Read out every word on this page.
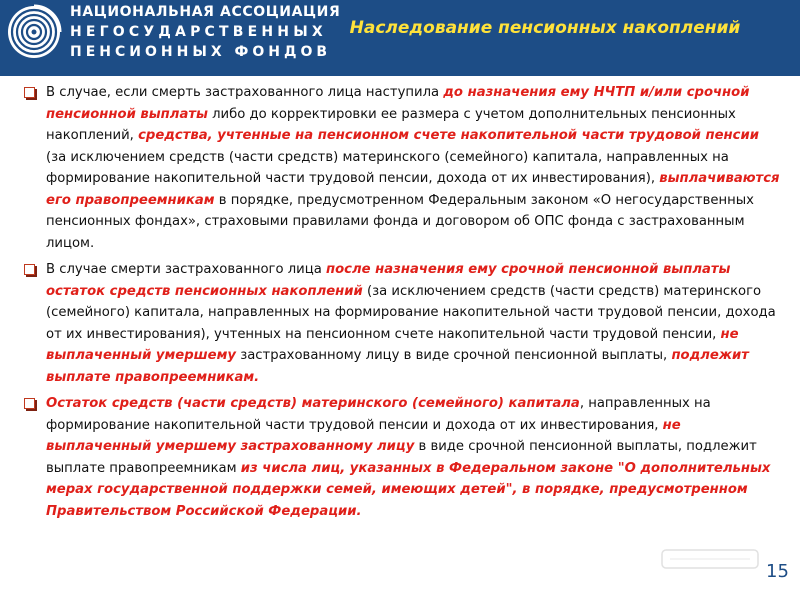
НАЦИОНАЛЬНАЯ АССОЦИАЦИЯ
НЕГОСУДАРСТВЕННЫХ
ПЕНСИОННЫХ ФОНДОВ
Наследование пенсионных накоплений
В случае, если смерть застрахованного лица наступила до назначения ему НЧТП и/или срочной пенсионной выплаты либо до корректировки ее размера с учетом дополнительных пенсионных накоплений, средства, учтенные на пенсионном счете накопительной части трудовой пенсии (за исключением средств (части средств) материнского (семейного) капитала, направленных на формирование накопительной части трудовой пенсии, дохода от их инвестирования), выплачиваются его правопреемникам в порядке, предусмотренном Федеральным законом «О негосударственных пенсионных фондах», страховыми правилами фонда и договором об ОПС фонда с застрахованным лицом.
В случае смерти застрахованного лица после назначения ему срочной пенсионной выплаты остаток средств пенсионных накоплений (за исключением средств (части средств) материнского (семейного) капитала, направленных на формирование накопительной части трудовой пенсии, дохода от их инвестирования), учтенных на пенсионном счете накопительной части трудовой пенсии, не выплаченный умершему застрахованному лицу в виде срочной пенсионной выплаты, подлежит выплате правопреемникам.
Остаток средств (части средств) материнского (семейного) капитала, направленных на формирование накопительной части трудовой пенсии и дохода от их инвестирования, не выплаченный умершему застрахованному лицу в виде срочной пенсионной выплаты, подлежит выплате правопреемникам из числа лиц, указанных в Федеральном законе "О дополнительных мерах государственной поддержки семей, имеющих детей", в порядке, предусмотренном Правительством Российской Федерации.
15
